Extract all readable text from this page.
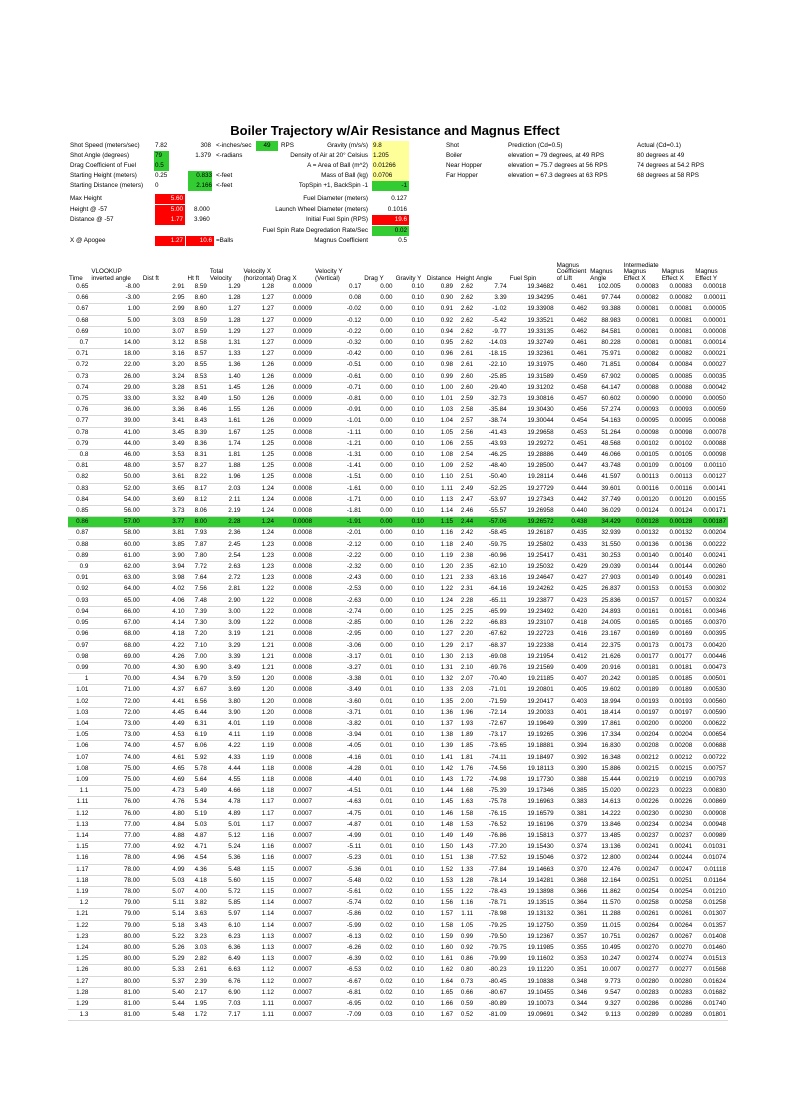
Boiler Trajectory w/Air Resistance and Magnus Effect
Shot Speed (meters/sec) 7.82	308 <-inches/sec	49	RPS
Shot Angle (degrees)	79	1.379 <-radians
Drag Coefficient of Fuel	0.5
Starting Height (meters)	0.25	0.833 <-feet
Starting Distance (meters) 0	2.166 <-feet
Max Height	5.60
Height @ -57	5.00	8.000
Distance @ -57	1.77	3.960
X @ Apogee	1.27	10.6 =Balls
Gravity (m/s/s) 9.8
Density of Air at 20° Celsius 1.205
A = Area of Ball (m^2) 0.01266
Mass of Ball (kg) 0.0706
TopSpin +1, BackSpin -1	-1
Fuel Diameter (meters)	0.127
Launch Wheel Diameter (meters)	0.1016
Initial Fuel Spin (RPS)	19.6
Fuel Spin Rate Degredation Rate/Sec	0.02
Magnus Coefficient	0.5
Shot	Prediction (Cd=0.5)	Actual (Cd=0.1)
Boiler	elevation = 79 degrees, at 49 RPS	80 degrees at 49
Near Hopper	elevation = 75.7 degrees at 56 RPS	74 degrees at 54.2 RPS
Far Hopper	elevation = 67.3 degrees at 63 RPS	68 degrees at 58 RPS
Time	VLOOKUP inverted angle	Dist ft	Ht ft	Total Velocity	Velocity X (horizontal)	Drag X	Velocity Y (Vertical)	Drag Y	Gravity Y	Distance	Height	Angle	Fuel Spin	Magnus Coefficient of Lift	Magnus Angle	Intermediate Magnus Effect X	Magnus Effect X	Magnus Effect Y
0.65	-8.00	2.91	8.59	1.29	1.28	0.0009	0.17	0.00	0.10	0.89	2.62	7.74	19.34682	0.461	102.005	0.00083	0.00083	0.00018
0.66	-3.00	2.95	8.60	1.28	1.27	0.0009	0.08	0.00	0.10	0.90	2.62	3.39	19.34295	0.461	97.744	0.00082	0.00082	0.00011
0.67	1.00	2.99	8.60	1.27	1.27	0.0009	-0.02	0.00	0.10	0.91	2.62	-1.02	19.33908	0.462	93.388	0.00081	0.00081	0.00005
0.68	5.00	3.03	8.59	1.28	1.27	0.0009	-0.12	0.00	0.10	0.92	2.62	-5.42	19.33521	0.462	88.983	0.00081	0.00081	0.00001
0.69	10.00	3.07	8.59	1.29	1.27	0.0009	-0.22	0.00	0.10	0.94	2.62	-9.77	19.33135	0.462	84.581	0.00081	0.00081	0.00008
0.7	14.00	3.12	8.58	1.31	1.27	0.0009	-0.32	0.00	0.10	0.95	2.62	-14.03	19.32749	0.461	80.228	0.00081	0.00081	0.00014
0.71	18.00	3.16	8.57	1.33	1.27	0.0009	-0.42	0.00	0.10	0.96	2.61	-18.15	19.32361	0.461	75.971	0.00082	0.00082	0.00021
0.72	22.00	3.20	8.55	1.36	1.26	0.0009	-0.51	0.00	0.10	0.98	2.61	-22.10	19.31975	0.460	71.851	0.00084	0.00084	0.00027
0.73	26.00	3.24	8.53	1.40	1.26	0.0009	-0.61	0.00	0.10	0.99	2.60	-25.85	19.31589	0.459	67.902	0.00085	0.00085	0.00035
0.74	29.00	3.28	8.51	1.45	1.26	0.0009	-0.71	0.00	0.10	1.00	2.60	-29.40	19.31202	0.458	64.147	0.00088	0.00088	0.00042
0.75	33.00	3.32	8.49	1.50	1.26	0.0009	-0.81	0.00	0.10	1.01	2.59	-32.73	19.30816	0.457	60.602	0.00090	0.00090	0.00050
0.76	36.00	3.36	8.46	1.55	1.26	0.0009	-0.91	0.00	0.10	1.03	2.58	-35.84	19.30430	0.456	57.274	0.00093	0.00093	0.00059
0.77	39.00	3.41	8.43	1.61	1.26	0.0009	-1.01	0.00	0.10	1.04	2.57	-38.74	19.30044	0.454	54.163	0.00095	0.00095	0.00068
0.78	41.00	3.45	8.39	1.67	1.25	0.0008	-1.11	0.00	0.10	1.05	2.56	-41.43	19.29658	0.453	51.264	0.00098	0.00098	0.00078
0.79	44.00	3.49	8.36	1.74	1.25	0.0008	-1.21	0.00	0.10	1.06	2.55	-43.93	19.29272	0.451	48.568	0.00102	0.00102	0.00088
0.8	46.00	3.53	8.31	1.81	1.25	0.0008	-1.31	0.00	0.10	1.08	2.54	-46.25	19.28886	0.449	46.066	0.00105	0.00105	0.00098
0.81	48.00	3.57	8.27	1.88	1.25	0.0008	-1.41	0.00	0.10	1.09	2.52	-48.40	19.28500	0.447	43.748	0.00109	0.00109	0.00110
0.82	50.00	3.61	8.22	1.96	1.25	0.0008	-1.51	0.00	0.10	1.10	2.51	-50.40	19.28114	0.446	41.597	0.00113	0.00113	0.00127
0.83	52.00	3.65	8.17	2.03	1.24	0.0008	-1.61	0.00	0.10	1.11	2.49	-52.25	19.27729	0.444	39.601	0.00116	0.00116	0.00141
0.84	54.00	3.69	8.12	2.11	1.24	0.0008	-1.71	0.00	0.10	1.13	2.47	-53.97	19.27343	0.442	37.749	0.00120	0.00120	0.00155
0.85	56.00	3.73	8.06	2.19	1.24	0.0008	-1.81	0.00	0.10	1.14	2.46	-55.57	19.26958	0.440	36.029	0.00124	0.00124	0.00171
0.86	57.00	3.77	8.00	2.28	1.24	0.0008	-1.91	0.00	0.10	1.15	2.44	-57.06	19.26572	0.438	34.429	0.00128	0.00128	0.00187
0.87	58.00	3.81	7.93	2.36	1.24	0.0008	-2.01	0.00	0.10	1.16	2.42	-58.45	19.26187	0.435	32.939	0.00132	0.00132	0.00204
0.88	60.00	3.85	7.87	2.45	1.23	0.0008	-2.12	0.00	0.10	1.18	2.40	-59.75	19.25802	0.433	31.550	0.00136	0.00136	0.00222
0.89	61.00	3.90	7.80	2.54	1.23	0.0008	-2.22	0.00	0.10	1.19	2.38	-60.96	19.25417	0.431	30.253	0.00140	0.00140	0.00241
0.9	62.00	3.94	7.72	2.63	1.23	0.0008	-2.32	0.00	0.10	1.20	2.35	-62.10	19.25032	0.429	29.039	0.00144	0.00144	0.00260
0.91	63.00	3.98	7.64	2.72	1.23	0.0008	-2.43	0.00	0.10	1.21	2.33	-63.16	19.24647	0.427	27.903	0.00149	0.00149	0.00281
0.92	64.00	4.02	7.56	2.81	1.22	0.0008	-2.53	0.00	0.10	1.22	2.31	-64.16	19.24262	0.425	26.837	0.00153	0.00153	0.00302
0.93	65.00	4.06	7.48	2.90	1.22	0.0008	-2.63	0.00	0.10	1.24	2.28	-65.11	19.23877	0.423	25.836	0.00157	0.00157	0.00324
0.94	66.00	4.10	7.39	3.00	1.22	0.0008	-2.74	0.00	0.10	1.25	2.25	-65.99	19.23492	0.420	24.893	0.00161	0.00161	0.00346
0.95	67.00	4.14	7.30	3.09	1.22	0.0008	-2.85	0.00	0.10	1.26	2.22	-66.83	19.23107	0.418	24.005	0.00165	0.00165	0.00370
0.96	68.00	4.18	7.20	3.19	1.21	0.0008	-2.95	0.00	0.10	1.27	2.20	-67.62	19.22723	0.416	23.167	0.00169	0.00169	0.00395
0.97	68.00	4.22	7.10	3.29	1.21	0.0008	-3.06	0.00	0.10	1.29	2.17	-68.37	19.22338	0.414	22.375	0.00173	0.00173	0.00420
0.98	69.00	4.26	7.00	3.39	1.21	0.0008	-3.17	0.01	0.10	1.30	2.13	-69.08	19.21954	0.412	21.626	0.00177	0.00177	0.00446
0.99	70.00	4.30	6.90	3.49	1.21	0.0008	-3.27	0.01	0.10	1.31	2.10	-69.76	19.21569	0.409	20.916	0.00181	0.00181	0.00473
1	70.00	4.34	6.79	3.59	1.20	0.0008	-3.38	0.01	0.10	1.32	2.07	-70.40	19.21185	0.407	20.242	0.00185	0.00185	0.00501
1.01	71.00	4.37	6.67	3.69	1.20	0.0008	-3.49	0.01	0.10	1.33	2.03	-71.01	19.20801	0.405	19.602	0.00189	0.00189	0.00530
1.02	72.00	4.41	6.56	3.80	1.20	0.0008	-3.60	0.01	0.10	1.35	2.00	-71.59	19.20417	0.403	18.994	0.00193	0.00193	0.00560
1.03	72.00	4.45	6.44	3.90	1.20	0.0008	-3.71	0.01	0.10	1.36	1.96	-72.14	19.20033	0.401	18.414	0.00197	0.00197	0.00590
1.04	73.00	4.49	6.31	4.01	1.19	0.0008	-3.82	0.01	0.10	1.37	1.93	-72.67	19.19649	0.399	17.861	0.00200	0.00200	0.00622
1.05	73.00	4.53	6.19	4.11	1.19	0.0008	-3.94	0.01	0.10	1.38	1.89	-73.17	19.19265	0.396	17.334	0.00204	0.00204	0.00654
1.06	74.00	4.57	6.06	4.22	1.19	0.0008	-4.05	0.01	0.10	1.39	1.85	-73.65	19.18881	0.394	16.830	0.00208	0.00208	0.00688
1.07	74.00	4.61	5.92	4.33	1.19	0.0008	-4.16	0.01	0.10	1.41	1.81	-74.11	19.18497	0.392	16.348	0.00212	0.00212	0.00722
1.08	75.00	4.65	5.78	4.44	1.18	0.0008	-4.28	0.01	0.10	1.42	1.76	-74.56	19.18113	0.390	15.886	0.00215	0.00215	0.00757
1.09	75.00	4.69	5.64	4.55	1.18	0.0008	-4.40	0.01	0.10	1.43	1.72	-74.98	19.17730	0.388	15.444	0.00219	0.00219	0.00793
1.1	75.00	4.73	5.49	4.66	1.18	0.0007	-4.51	0.01	0.10	1.44	1.68	-75.39	19.17346	0.385	15.020	0.00223	0.00223	0.00830
1.11	76.00	4.76	5.34	4.78	1.17	0.0007	-4.63	0.01	0.10	1.45	1.63	-75.78	19.16963	0.383	14.613	0.00226	0.00226	0.00869
1.12	76.00	4.80	5.19	4.89	1.17	0.0007	-4.75	0.01	0.10	1.46	1.58	-76.15	19.16579	0.381	14.222	0.00230	0.00230	0.00908
1.13	77.00	4.84	5.03	5.01	1.17	0.0007	-4.87	0.01	0.10	1.48	1.53	-76.52	19.16196	0.379	13.846	0.00234	0.00234	0.00948
1.14	77.00	4.88	4.87	5.12	1.16	0.0007	-4.99	0.01	0.10	1.49	1.49	-76.86	19.15813	0.377	13.485	0.00237	0.00237	0.00989
1.15	77.00	4.92	4.71	5.24	1.16	0.0007	-5.11	0.01	0.10	1.50	1.43	-77.20	19.15430	0.374	13.136	0.00241	0.00241	0.01031
1.16	78.00	4.96	4.54	5.36	1.16	0.0007	-5.23	0.01	0.10	1.51	1.38	-77.52	19.15046	0.372	12.800	0.00244	0.00244	0.01074
1.17	78.00	4.99	4.36	5.48	1.15	0.0007	-5.36	0.01	0.10	1.52	1.33	-77.84	19.14663	0.370	12.476	0.00247	0.00247	0.01118
1.18	78.00	5.03	4.18	5.60	1.15	0.0007	-5.48	0.02	0.10	1.53	1.28	-78.14	19.14281	0.368	12.164	0.00251	0.00251	0.01164
1.19	78.00	5.07	4.00	5.72	1.15	0.0007	-5.61	0.02	0.10	1.55	1.22	-78.43	19.13898	0.366	11.862	0.00254	0.00254	0.01210
1.2	79.00	5.11	3.82	5.85	1.14	0.0007	-5.74	0.02	0.10	1.56	1.16	-78.71	19.13515	0.364	11.570	0.00258	0.00258	0.01258
1.21	79.00	5.14	3.63	5.97	1.14	0.0007	-5.86	0.02	0.10	1.57	1.11	-78.98	19.13132	0.361	11.288	0.00261	0.00261	0.01307
1.22	79.00	5.18	3.43	6.10	1.14	0.0007	-5.99	0.02	0.10	1.58	1.05	-79.25	19.12750	0.359	11.015	0.00264	0.00264	0.01357
1.23	80.00	5.22	3.23	6.23	1.13	0.0007	-6.13	0.02	0.10	1.59	0.99	-79.50	19.12367	0.357	10.751	0.00267	0.00267	0.01408
1.24	80.00	5.26	3.03	6.36	1.13	0.0007	-6.26	0.02	0.10	1.60	0.92	-79.75	19.11985	0.355	10.495	0.00270	0.00270	0.01460
1.25	80.00	5.29	2.82	6.49	1.13	0.0007	-6.39	0.02	0.10	1.61	0.86	-79.99	19.11602	0.353	10.247	0.00274	0.00274	0.01513
1.26	80.00	5.33	2.61	6.63	1.12	0.0007	-6.53	0.02	0.10	1.62	0.80	-80.23	19.11220	0.351	10.007	0.00277	0.00277	0.01568
1.27	80.00	5.37	2.39	6.76	1.12	0.0007	-6.67	0.02	0.10	1.64	0.73	-80.45	19.10838	0.348	9.773	0.00280	0.00280	0.01624
1.28	81.00	5.40	2.17	6.90	1.12	0.0007	-6.81	0.02	0.10	1.65	0.66	-80.67	19.10455	0.346	9.547	0.00283	0.00283	0.01682
1.29	81.00	5.44	1.95	7.03	1.11	0.0007	-6.95	0.02	0.10	1.66	0.59	-80.89	19.10073	0.344	9.327	0.00286	0.00286	0.01740
1.3	81.00	5.48	1.72	7.17	1.11	0.0007	-7.09	0.03	0.10	1.67	0.52	-81.09	19.09691	0.342	9.113	0.00289	0.00289	0.01801
